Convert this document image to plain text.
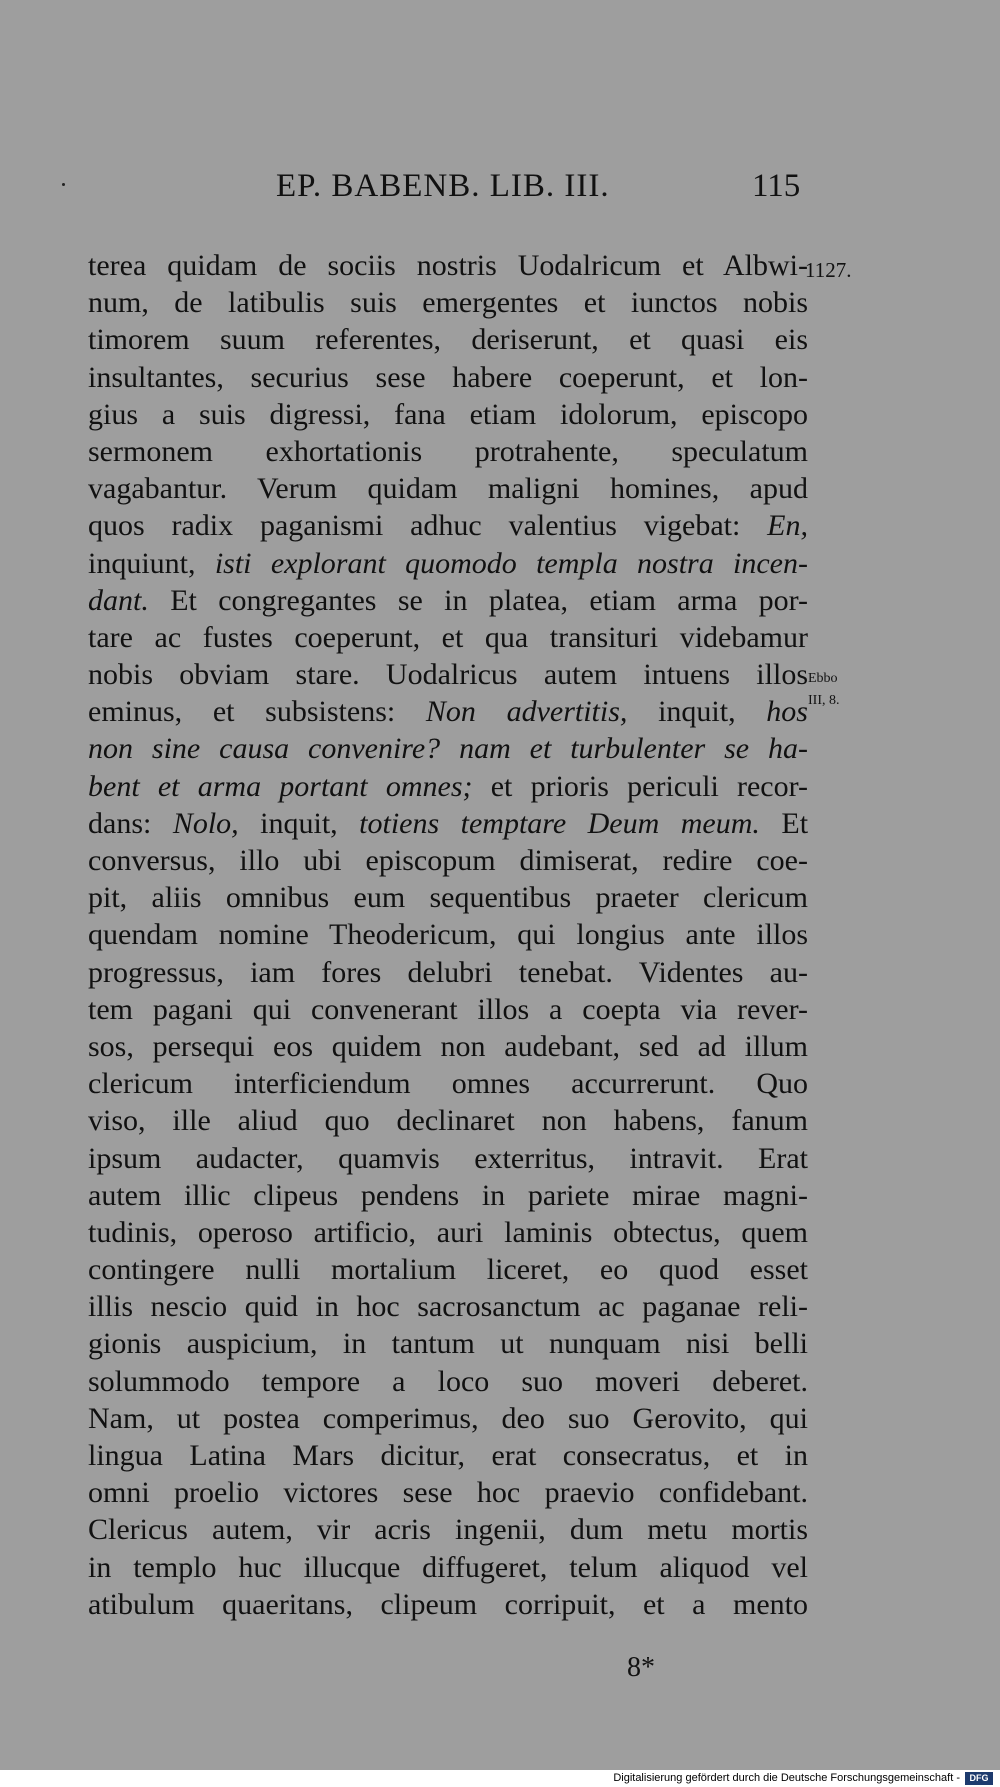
EP. BABENB. LIB. III.	115
1127.
Ebbo
III, 8.
terea quidam de sociis nostris Uodalricum et Albwi-
num, de latibulis suis emergentes et iunctos nobis
timorem suum referentes, deriserunt, et quasi eis
insultantes, securius sese habere coeperunt, et lon-
gius a suis digressi, fana etiam idolorum, episcopo
sermonem exhortationis protrahente, speculatum
vagabantur. Verum quidam maligni homines, apud
quos radix paganismi adhuc valentius vigebat: En,
inquiunt, isti explorant quomodo templa nostra incen-
dant. Et congregantes se in platea, etiam arma por-
tare ac fustes coeperunt, et qua transituri videbamur
nobis obviam stare. Uodalricus autem intuens illos
eminus, et subsistens: Non advertitis, inquit, hos
non sine causa convenire? nam et turbulenter se ha-
bent et arma portant omnes; et prioris periculi recor-
dans: Nolo, inquit, totiens temptare Deum meum. Et
conversus, illo ubi episcopum dimiserat, redire coe-
pit, aliis omnibus eum sequentibus praeter clericum
quendam nomine Theodericum, qui longius ante illos
progressus, iam fores delubri tenebat. Videntes au-
tem pagani qui convenerant illos a coepta via rever-
sos, persequi eos quidem non audebant, sed ad illum
clericum interficiendum omnes accurrerunt. Quo
viso, ille aliud quo declinaret non habens, fanum
ipsum audacter, quamvis exterritus, intravit. Erat
autem illic clipeus pendens in pariete mirae magni-
tudinis, operoso artificio, auri laminis obtectus, quem
contingere nulli mortalium liceret, eo quod esset
illis nescio quid in hoc sacrosanctum ac paganae reli-
gionis auspicium, in tantum ut nunquam nisi belli
solummodo tempore a loco suo moveri deberet.
Nam, ut postea comperimus, deo suo Gerovito, qui
lingua Latina Mars dicitur, erat consecratus, et in
omni proelio victores sese hoc praevio confidebant.
Clericus autem, vir acris ingenii, dum metu mortis
in templo huc illucque diffugeret, telum aliquod vel
atibulum quaeritans, clipeum corripuit, et a mento
8*
Digitalisierung gefördert durch die Deutsche Forschungsgemeinschaft -	DFG
